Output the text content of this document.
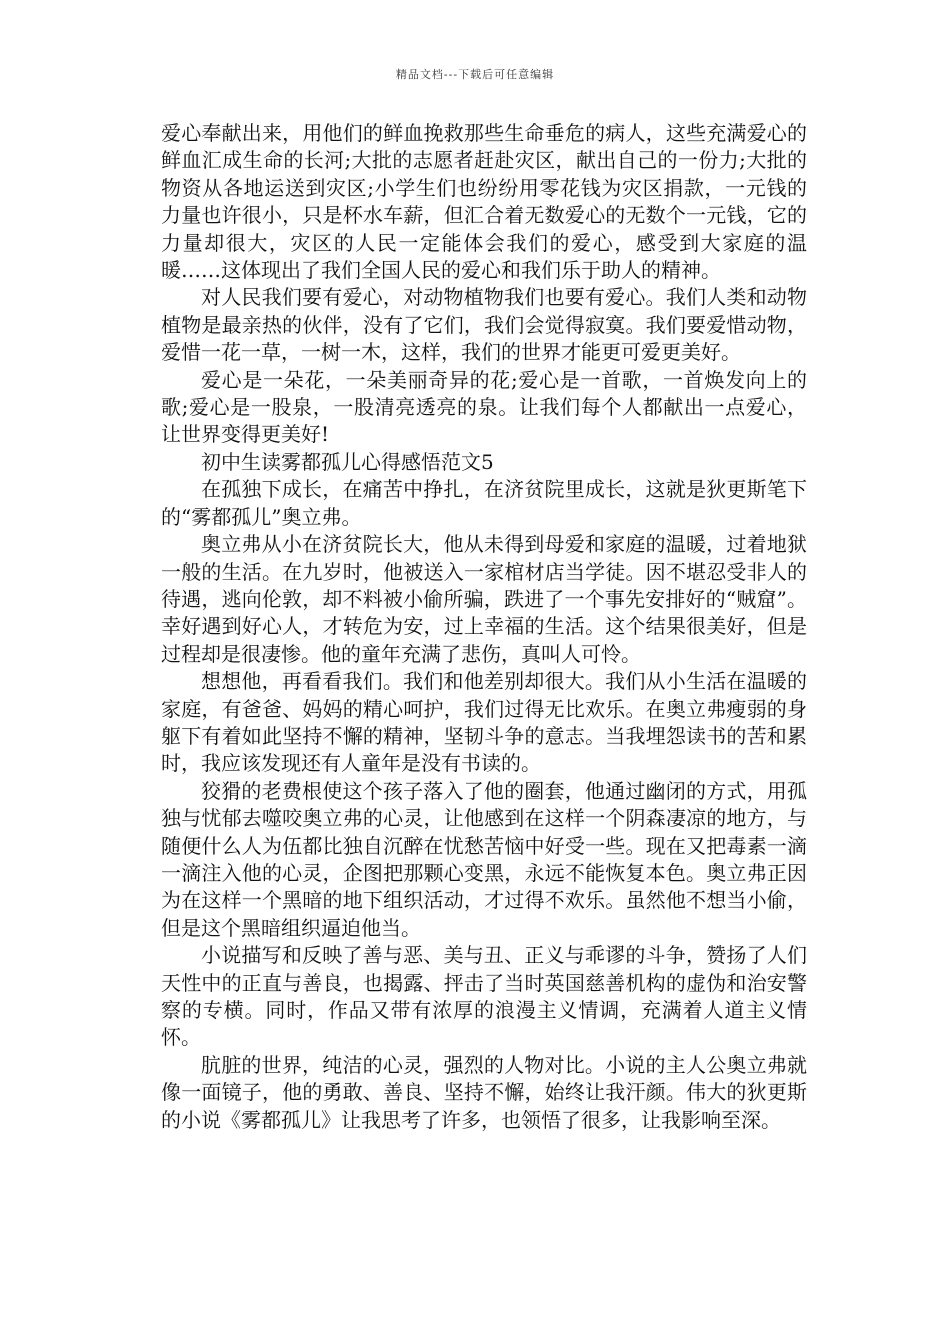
精品文档---下载后可任意编辑

爱心奉献出来，用他们的鲜血挽救那些生命垂危的病人，这些充满爱心的鲜血汇成生命的长河;大批的志愿者赶赴灾区，献出自己的一份力;大批的物资从各地运送到灾区;小学生们也纷纷用零花钱为灾区捐款，一元钱的力量也许很小，只是杯水车薪，但汇合着无数爱心的无数个一元钱，它的力量却很大，灾区的人民一定能体会我们的爱心，感受到大家庭的温暖……这体现出了我们全国人民的爱心和我们乐于助人的精神。

对人民我们要有爱心，对动物植物我们也要有爱心。我们人类和动物植物是最亲热的伙伴，没有了它们，我们会觉得寂寞。我们要爱惜动物，爱惜一花一草，一树一木，这样，我们的世界才能更可爱更美好。

爱心是一朵花，一朵美丽奇异的花;爱心是一首歌，一首焕发向上的歌;爱心是一股泉，一股清亮透亮的泉。让我们每个人都献出一点爱心，让世界变得更美好!

初中生读雾都孤儿心得感悟范文5

在孤独下成长，在痛苦中挣扎，在济贫院里成长，这就是狄更斯笔下的“雾都孤儿”奥立弗。

奥立弗从小在济贫院长大，他从未得到母爱和家庭的温暖，过着地狱一般的生活。在九岁时，他被送入一家棺材店当学徒。因不堪忍受非人的待遇，逃向伦敦，却不料被小偷所骗，跌进了一个事先安排好的“贼窟”。幸好遇到好心人，才转危为安，过上幸福的生活。这个结果很美好，但是过程却是很凄惨。他的童年充满了悲伤，真叫人可怜。

想想他，再看看我们。我们和他差别却很大。我们从小生活在温暖的家庭，有爸爸、妈妈的精心呵护，我们过得无比欢乐。在奥立弗瘦弱的身躯下有着如此坚持不懈的精神，坚韧斗争的意志。当我埋怨读书的苦和累时，我应该发现还有人童年是没有书读的。

狡猾的老费根使这个孩子落入了他的圈套，他通过幽闭的方式，用孤独与忧郁去噬咬奥立弗的心灵，让他感到在这样一个阴森凄凉的地方，与随便什么人为伍都比独自沉醉在忧愁苦恼中好受一些。现在又把毒素一滴一滴注入他的心灵，企图把那颗心变黑，永远不能恢复本色。奥立弗正因为在这样一个黑暗的地下组织活动，才过得不欢乐。虽然他不想当小偷，但是这个黑暗组织逼迫他当。

小说描写和反映了善与恶、美与丑、正义与乖谬的斗争，赞扬了人们天性中的正直与善良，也揭露、抨击了当时英国慈善机构的虚伪和治安警察的专横。同时，作品又带有浓厚的浪漫主义情调，充满着人道主义情怀。

肮脏的世界，纯洁的心灵，强烈的人物对比。小说的主人公奥立弗就像一面镜子，他的勇敢、善良、坚持不懈，始终让我汗颜。伟大的狄更斯的小说《雾都孤儿》让我思考了许多，也领悟了很多，让我影响至深。
